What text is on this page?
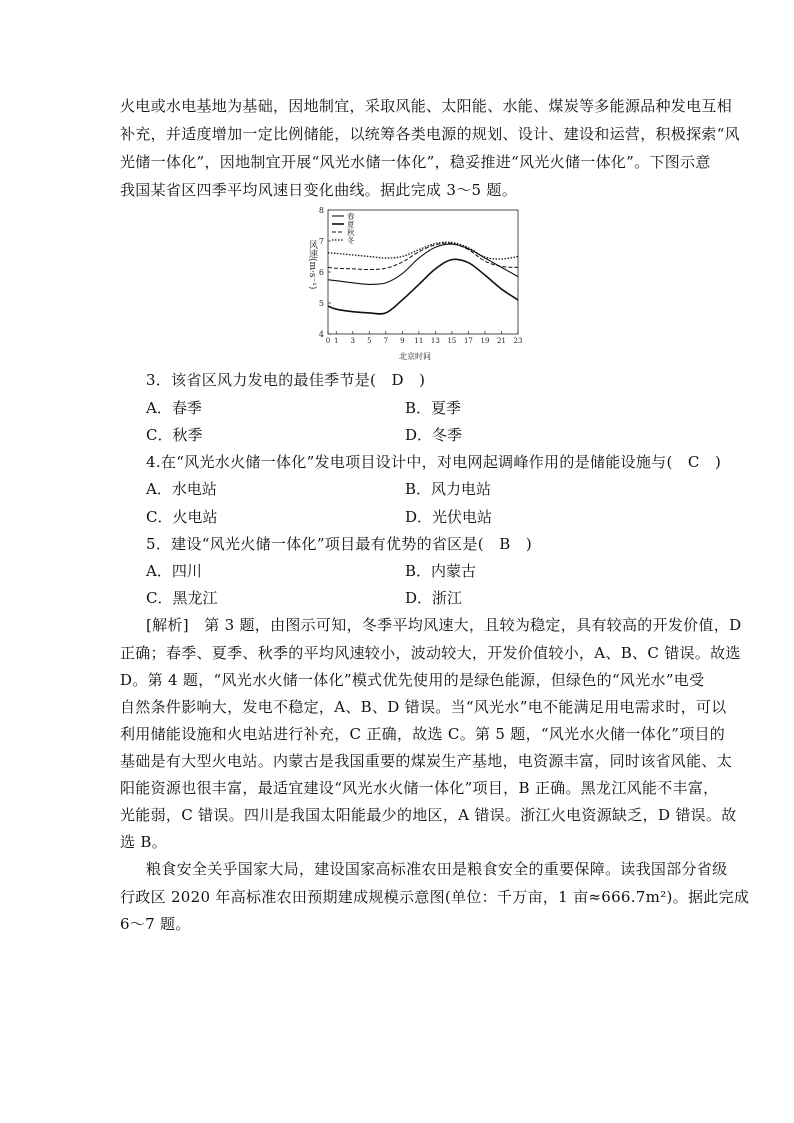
火电或水电基地为基础，因地制宜，采取风能、太阳能、水能、煤炭等多能源品种发电互相
补充，并适度增加一定比例储能，以统筹各类电源的规划、设计、建设和运营，积极探索“风
光储一体化”，因地制宜开展“风光水储一体化”，稳妥推进“风光火储一体化”。下图示意
我国某省区四季平均风速日变化曲线。据此完成 3～5 题。
4
5
6
7
8
0 1 3 5 7 9 11 13 15 17 19 21 23
春
夏
秋
冬
风速(m·s⁻¹)
北京时间
3．该省区风力发电的最佳季节是(　D　)
A．春季	B．夏季
C．秋季	D．冬季
4.在“风光水火储一体化”发电项目设计中，对电网起调峰作用的是储能设施与(　C　)
A．水电站	B．风力电站
C．火电站	D．光伏电站
5．建设“风光火储一体化”项目最有优势的省区是(　B　)
A．四川	B．内蒙古
C．黑龙江	D．浙江
[解析]　第 3 题，由图示可知，冬季平均风速大，且较为稳定，具有较高的开发价值，D
正确；春季、夏季、秋季的平均风速较小，波动较大，开发价值较小，A、B、C 错误。故选
D。第 4 题，“风光水火储一体化”模式优先使用的是绿色能源，但绿色的“风光水”电受
自然条件影响大，发电不稳定，A、B、D 错误。当“风光水”电不能满足用电需求时，可以
利用储能设施和火电站进行补充，C 正确，故选 C。第 5 题，“风光水火储一体化”项目的
基础是有大型火电站。内蒙古是我国重要的煤炭生产基地，电资源丰富，同时该省风能、太
阳能资源也很丰富，最适宜建设“风光水火储一体化”项目，B 正确。黑龙江风能不丰富，
光能弱，C 错误。四川是我国太阳能最少的地区，A 错误。浙江火电资源缺乏，D 错误。故
选 B。
粮食安全关乎国家大局，建设国家高标准农田是粮食安全的重要保障。读我国部分省级
行政区 2020 年高标准农田预期建成规模示意图(单位：千万亩，1 亩≈666.7m²)。据此完成
6～7 题。
